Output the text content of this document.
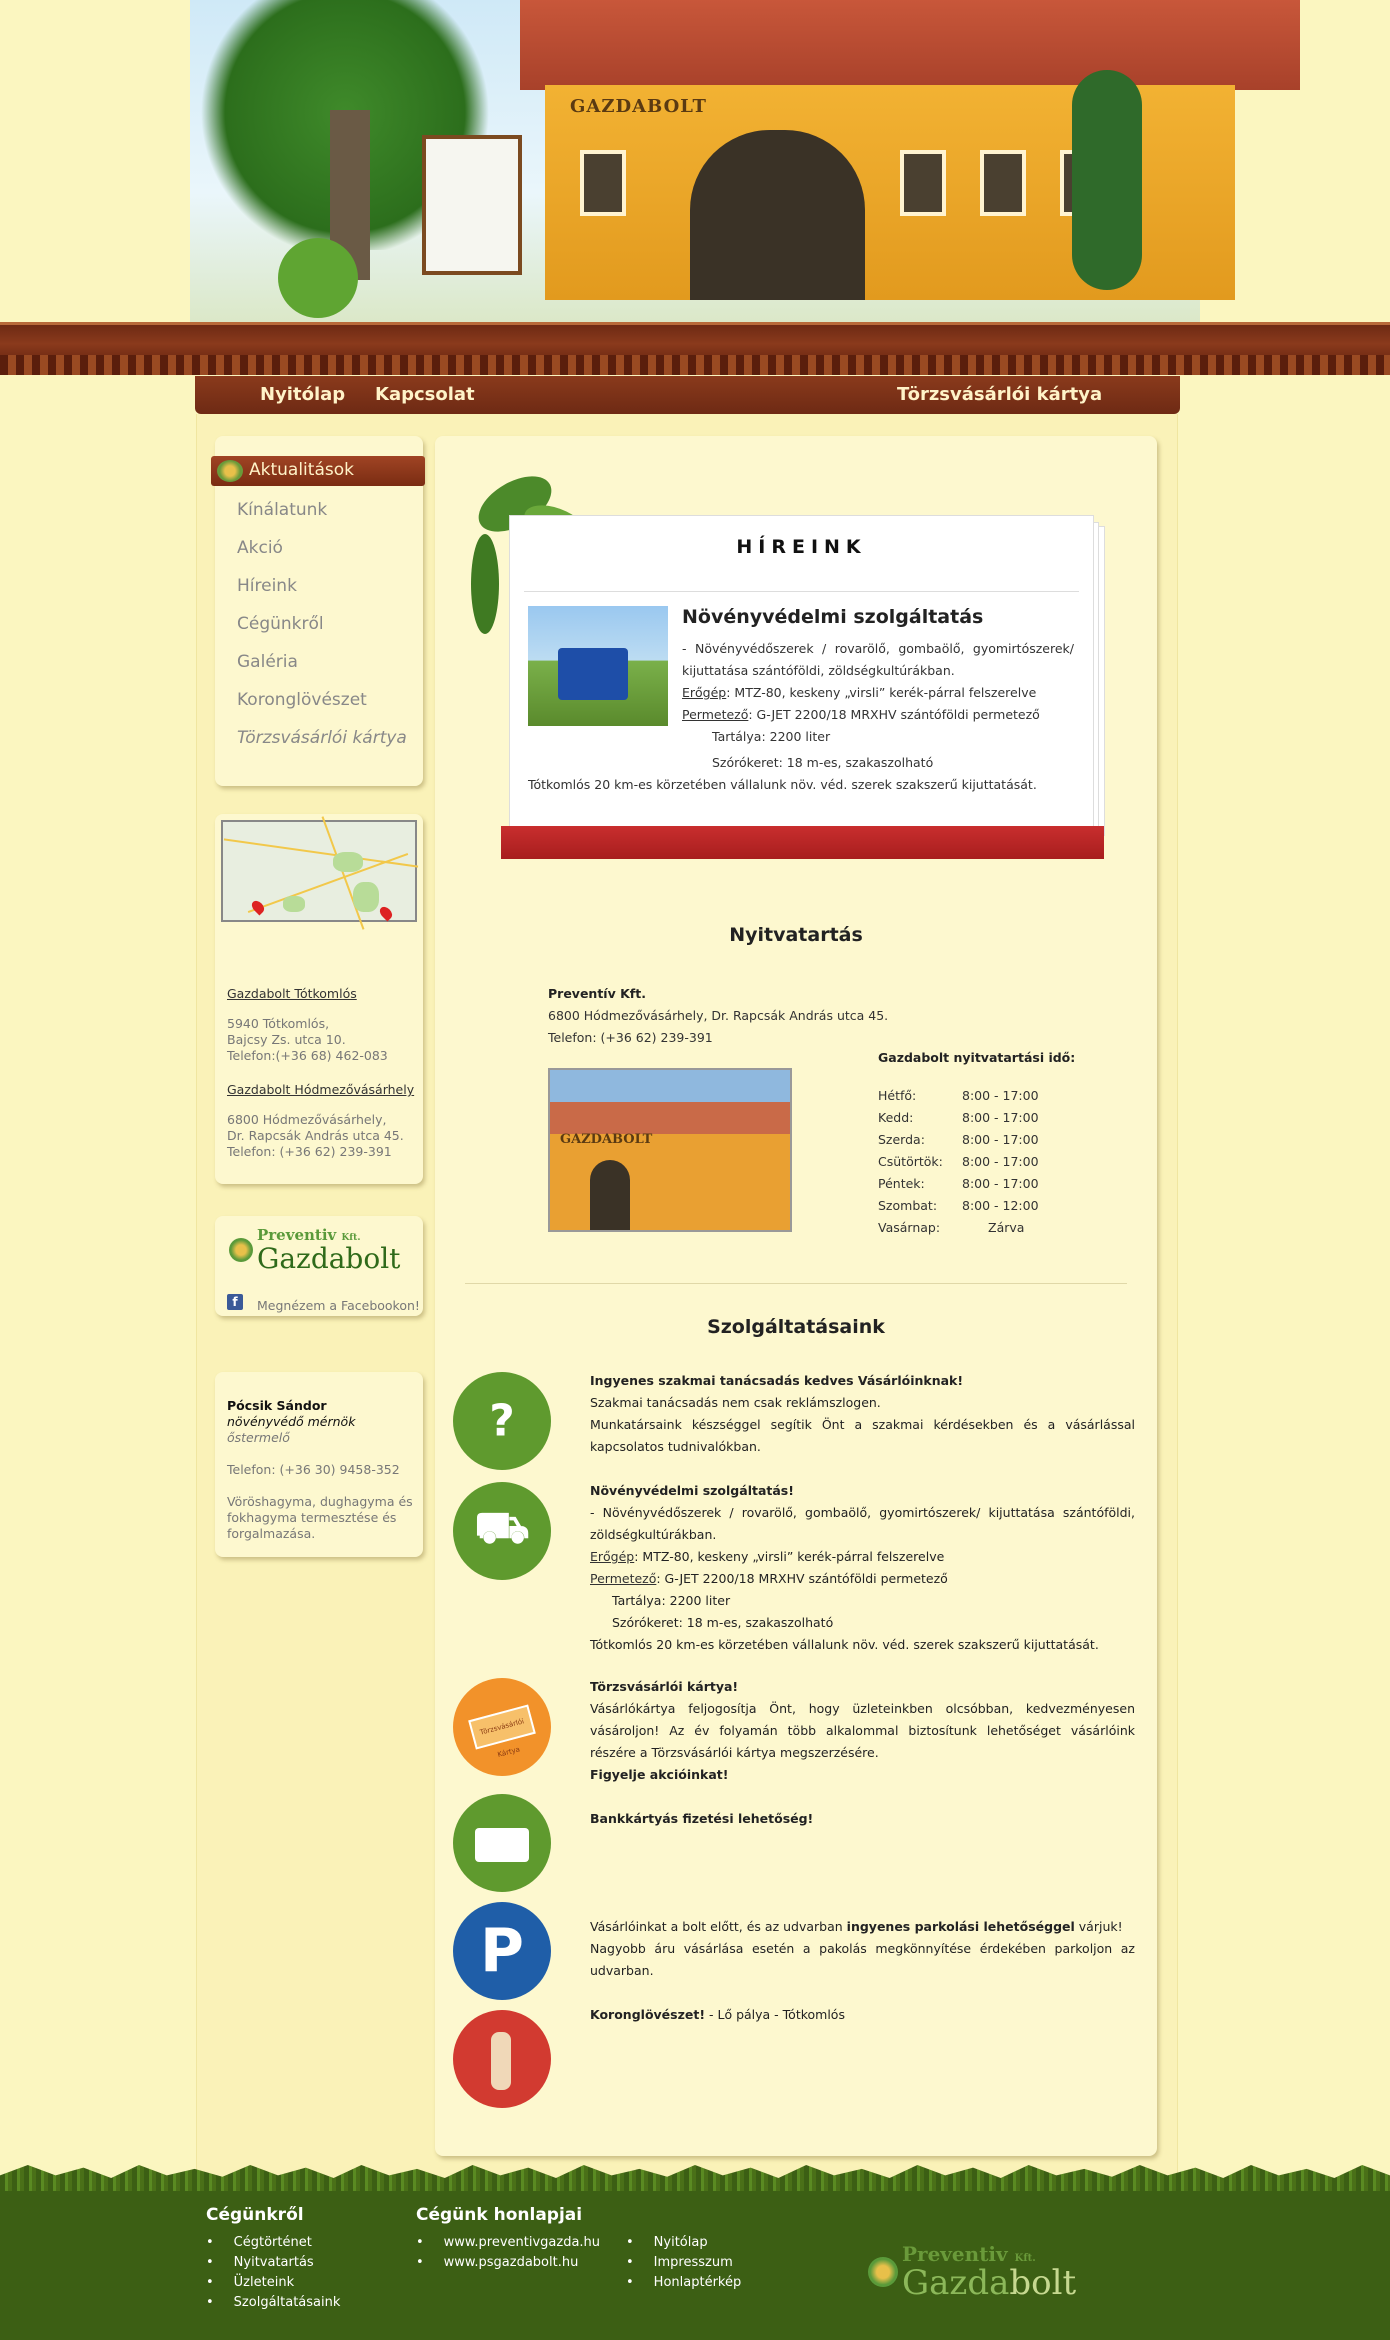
GAZDABOLT
Nyitólap Kapcsolat	Törzsvásárlói kártya
Aktualitások
Kínálatunk
Akció
Híreink
Cégünkről
Galéria
Koronglövészet
Törzsvásárlói kártya
Gazdabolt Tótkomlós
5940 Tótkomlós,
Bajcsy Zs. utca 10.
Telefon:(+36 68) 462-083
Gazdabolt Hódmezővásárhely
6800 Hódmezővásárhely,
Dr. Rapcsák András utca 45.
Telefon: (+36 62) 239-391
Preventiv Kft.
Gazdabolt
f	Megnézem a Facebookon!
Pócsik Sándor
növényvédő mérnök
őstermelő
Telefon: (+36 30) 9458-352
Vöröshagyma, dughagyma és
fokhagyma termesztése és
forgalmazása.
HÍREINK
Növényvédelmi szolgáltatás
- Növényvédőszerek / rovarölő, gombaölő, gyomirtószerek/ kijuttatása szántóföldi, zöldségkultúrákban.
Erőgép: MTZ-80, keskeny „virsli” kerék-párral felszerelve
Permetező: G-JET 2200/18 MRXHV szántóföldi permetező
Tartálya: 2200 liter
Szórókeret: 18 m-es, szakaszolható
Tótkomlós 20 km-es körzetében vállalunk növ. véd. szerek szakszerű kijuttatását.
Nyitvatartás
Preventív Kft.
6800 Hódmezővásárhely, Dr. Rapcsák András utca 45.
Telefon: (+36 62) 239-391
GAZDABOLT
Gazdabolt nyitvatartási idő:
Hétfő:	8:00 - 17:00
Kedd:	8:00 - 17:00
Szerda:	8:00 - 17:00
Csütörtök:	8:00 - 17:00
Péntek:	8:00 - 17:00
Szombat:	8:00 - 12:00
Vasárnap:	Zárva
Szolgáltatásaink
?
Ingyenes szakmai tanácsadás kedves Vásárlóinknak!
Szakmai tanácsadás nem csak reklámszlogen.
Munkatársaink készséggel segítik Önt a szakmai kérdésekben és a vásárlással kapcsolatos tudnivalókban.
⛟
Növényvédelmi szolgáltatás!
- Növényvédőszerek / rovarölő, gombaölő, gyomirtószerek/ kijuttatása szántóföldi, zöldségkultúrákban.
Erőgép: MTZ-80, keskeny „virsli” kerék-párral felszerelve
Permetező: G-JET 2200/18 MRXHV szántóföldi permetező
Tartálya: 2200 liter
Szórókeret: 18 m-es, szakaszolható
Tótkomlós 20 km-es körzetében vállalunk növ. véd. szerek szakszerű kijuttatását.
Törzsvásárlói Kártya
Törzsvásárlói kártya!
Vásárlókártya feljogosítja Önt, hogy üzleteinkben olcsóbban, kedvezményesen vásároljon! Az év folyamán több alkalommal biztosítunk lehetőséget vásárlóink részére a Törzsvásárlói kártya megszerzésére.
Figyelje akcióinkat!
Bankkártyás fizetési lehetőség!
P	Vásárlóinkat a bolt előtt, és az udvarban ingyenes parkolási lehetőséggel várjuk!
Nagyobb áru vásárlása esetén a pakolás megkönnyítése érdekében parkoljon az udvarban.
Koronglövészet! - Lő pálya - Tótkomlós
Cégünkről
• Cégtörténet
• Nyitvatartás
• Üzleteink
• Szolgáltatásaink
Cégünk honlapjai
• www.preventivgazda.hu
• www.psgazdabolt.hu
• Nyitólap
• Impresszum
• Honlaptérkép
Preventiv Kft.
Gazdabolt
